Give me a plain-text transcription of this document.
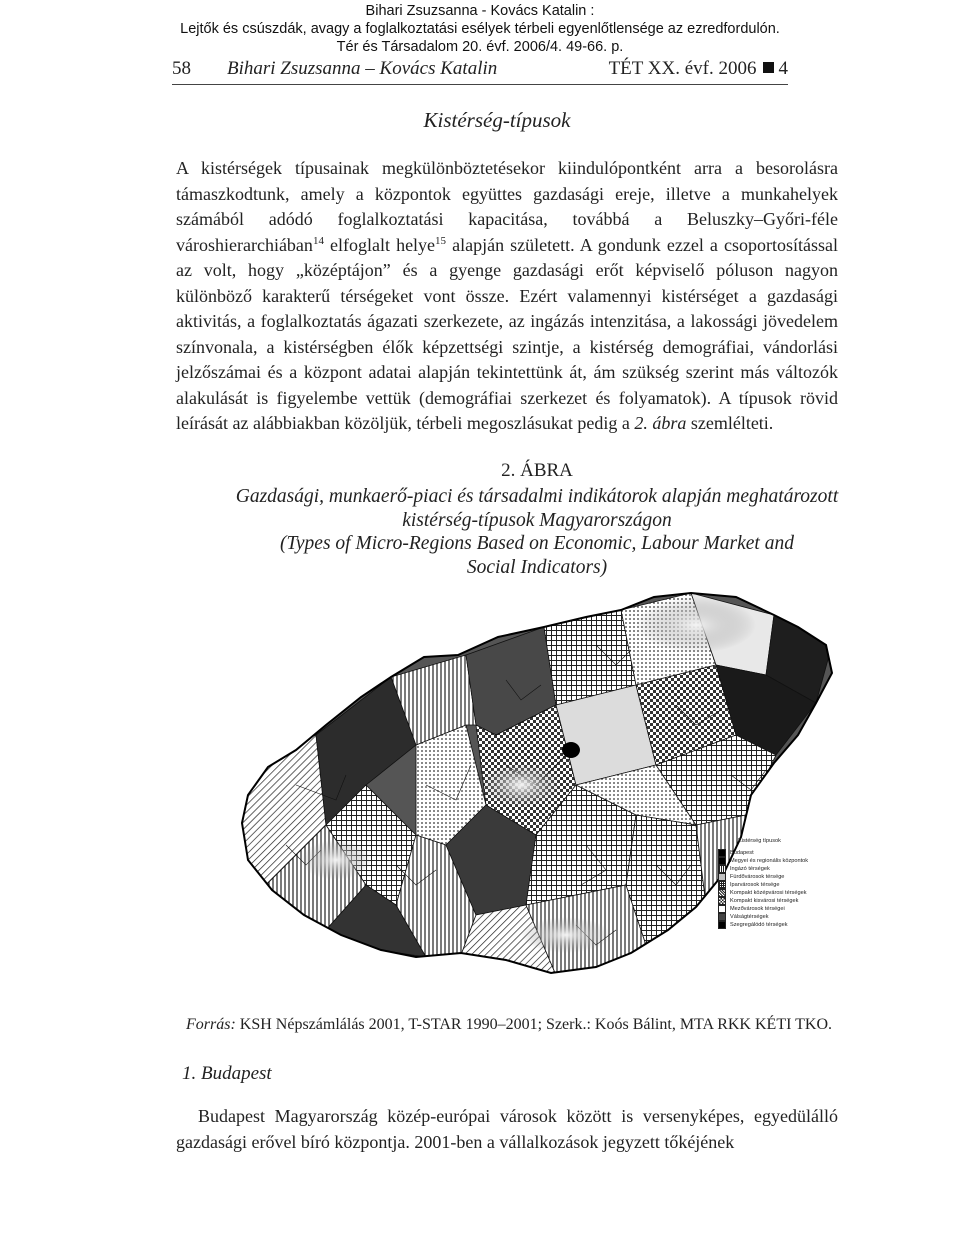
Bihari Zsuzsanna - Kovács Katalin :
Lejtők és csúszdák, avagy a foglalkoztatási esélyek térbeli egyenlőtlensége az ezredfordulón.
Tér és Társadalom 20. évf. 2006/4. 49-66. p.
58 Bihari Zsuzsanna – Kovács Katalin	TÉT XX. évf. 2006 4
Kistérség-típusok

A kistérségek típusainak megkülönböztetésekor kiindulópontként arra a besorolásra támaszkodtunk, amely a központok együttes gazdasági ereje, illetve a munkahelyek számából adódó foglalkoztatási kapacitása, továbbá a Beluszky–Győri-féle városhierarchiában$^{14}$ elfoglalt helye$^{15}$ alapján született. A gondunk ezzel a csoportosítással az volt, hogy „középtájon” és a gyenge gazdasági erőt képviselő póluson nagyon különböző karakterű térségeket vont össze. Ezért valamennyi kistérséget a gazdasági aktivitás, a foglalkoztatás ágazati szerkezete, az ingázás intenzitása, a lakossági jövedelem színvonala, a kistérségben élők képzettségi szintje, a kistérség demográfiai, vándorlási jelzőszámai és a központ adatai alapján tekintettünk át, ám szükség szerint más változók alakulását is figyelembe vettük (demográfiai szerkezet és folyamatok). A típusok rövid leírását az alábbiakban közöljük, térbeli megoszlásukat pedig a 2. ábra szemlélteti.

2. ÁBRA
Gazdasági, munkaerő-piaci és társadalmi indikátorok alapján meghatározott
kistérség-típusok Magyarországon
(Types of Micro-Regions Based on Economic, Labour Market and
Social Indicators)
Kistérség típusok
Budapest
Megyei és regionális központok
Ingázó térségek
Fürdővárosok térsége
Iparvárosok térsége
Kompakt középvárosi térségek
Kompakt kisvárosi térségek
Mezővárosok térségei
Válságtérségek
Szegregálódó térségek
Forrás: KSH Népszámlálás 2001, T-STAR 1990–2001; Szerk.: Koós Bálint, MTA RKK KÉTI TKO.
1. Budapest

Budapest Magyarország közép-európai városok között is versenyképes, egyedülálló gazdasági erővel bíró központja. 2001-ben a vállalkozások jegyzett tőkéjének
